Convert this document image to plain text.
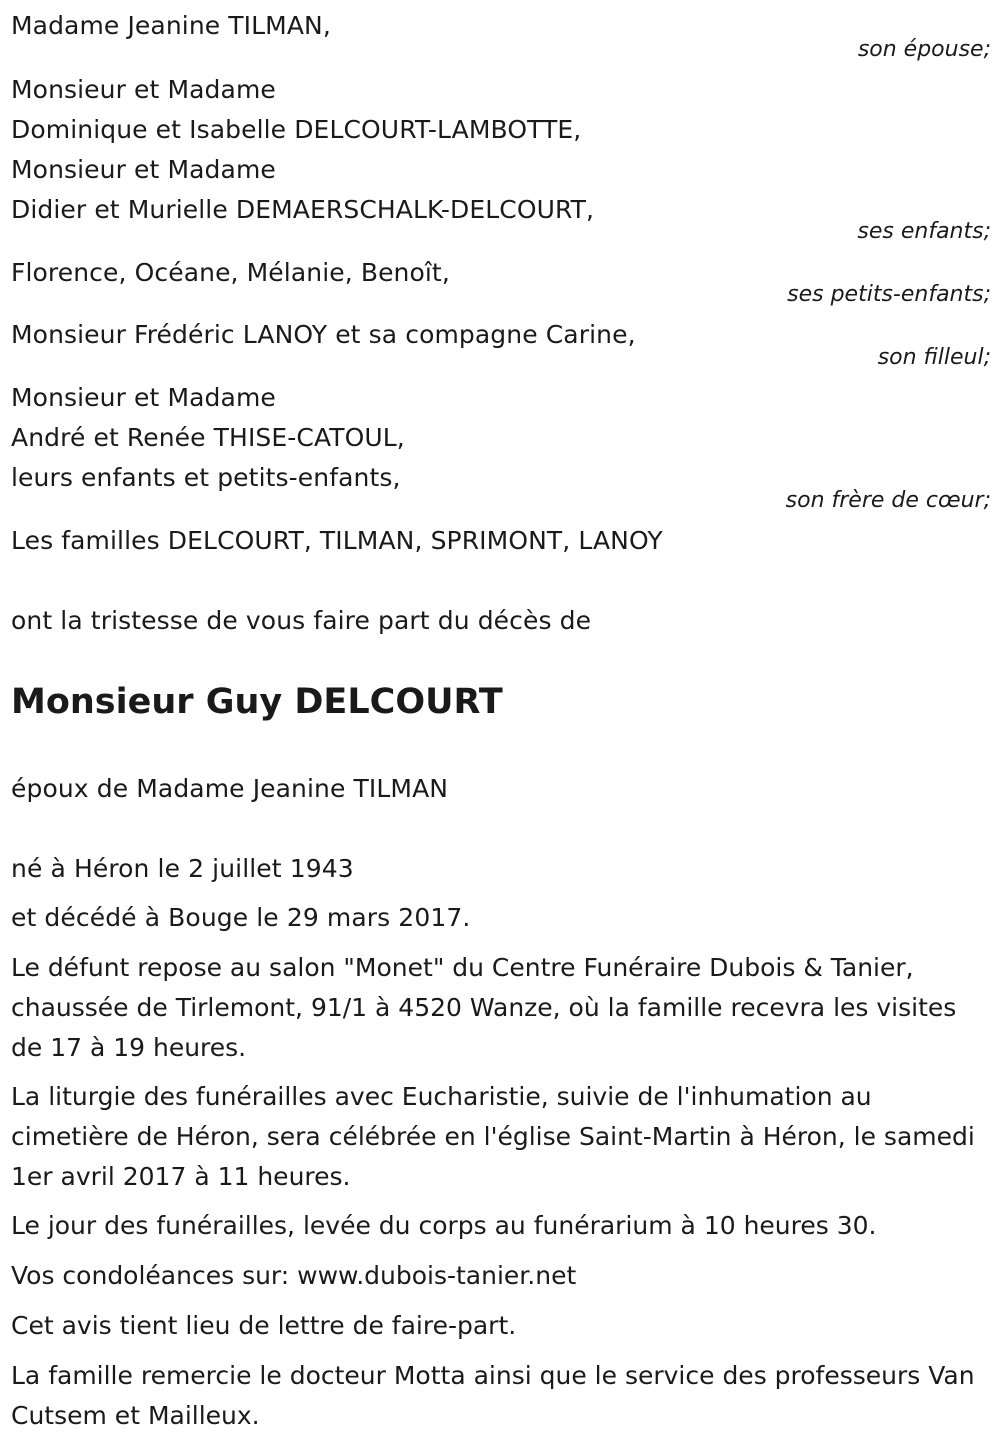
Madame Jeanine TILMAN,
son épouse;
Monsieur et Madame
Dominique et Isabelle DELCOURT-LAMBOTTE,
Monsieur et Madame
Didier et Murielle DEMAERSCHALK-DELCOURT,
ses enfants;
Florence, Océane, Mélanie, Benoît,
ses petits-enfants;
Monsieur Frédéric LANOY et sa compagne Carine,
son filleul;
Monsieur et Madame
André et Renée THISE-CATOUL,
leurs enfants et petits-enfants,
son frère de cœur;
Les familles DELCOURT, TILMAN, SPRIMONT, LANOY
ont la tristesse de vous faire part du décès de
Monsieur Guy DELCOURT
époux de Madame Jeanine TILMAN
né à Héron le 2 juillet 1943
et décédé à Bouge le 29 mars 2017.
Le défunt repose au salon "Monet" du Centre Funéraire Dubois & Tanier, chaussée de Tirlemont, 91/1 à 4520 Wanze, où la famille recevra les visites de 17 à 19 heures.
La liturgie des funérailles avec Eucharistie, suivie de l'inhumation au cimetière de Héron, sera célébrée en l'église Saint-Martin à Héron, le samedi 1er avril 2017 à 11 heures.
Le jour des funérailles, levée du corps au funérarium à 10 heures 30.
Vos condoléances sur: www.dubois-tanier.net
Cet avis tient lieu de lettre de faire-part.
La famille remercie le docteur Motta ainsi que le service des professeurs Van Cutsem et Mailleux.
